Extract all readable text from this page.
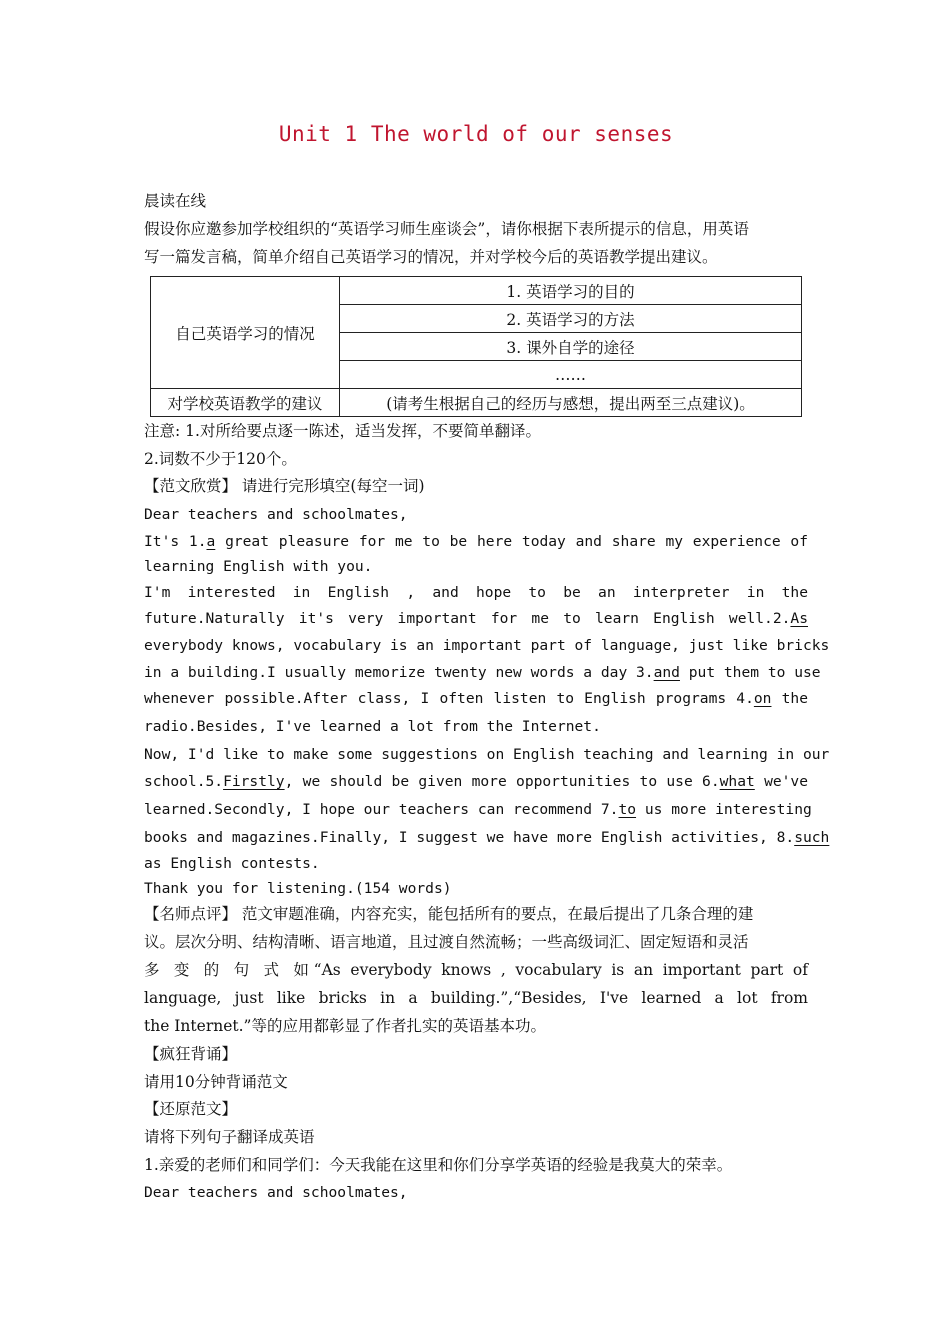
Unit 1 The world of our senses
晨读在线
假设你应邀参加学校组织的“英语学习师生座谈会”，请你根据下表所提示的信息，用英语
写一篇发言稿，简单介绍自己英语学习的情况，并对学校今后的英语教学提出建议。
自己英语学习的情况	1. 英语学习的目的
	2. 英语学习的方法
	3. 课外自学的途径
	……
对学校英语教学的建议	(请考生根据自己的经历与感想，提出两至三点建议)。
注意: 1.对所给要点逐一陈述，适当发挥，不要简单翻译。
2.词数不少于120个。
【范文欣赏】 请进行完形填空(每空一词)
Dear teachers and schoolmates,
It's 1.a great pleasure for me to be here today and share my experience of
learning English with you.
I'm interested in English , and hope to be an interpreter in the
future.Naturally it's very important for me to learn English well.2.As
everybody knows, vocabulary is an important part of language, just like bricks
in a building.I usually memorize twenty new words a day 3.and put them to use
whenever possible.After class, I often listen to English programs 4.on the
radio.Besides, I've learned a lot from the Internet.
Now, I'd like to make some suggestions on English teaching and learning in our
school.5.Firstly, we should be given more opportunities to use 6.what we've
learned.Secondly, I hope our teachers can recommend 7.to us more interesting
books and magazines.Finally, I suggest we have more English activities, 8.such
as English contests.
Thank you for listening.(154 words)
【名师点评】 范文审题准确，内容充实，能包括所有的要点，在最后提出了几条合理的建
议。层次分明、结构清晰、语言地道，且过渡自然流畅；一些高级词汇、固定短语和灵活
多 变 的 句 式 如“As everybody knows , vocabulary is an important part of
language, just like bricks in a building.”,“Besides, I've learned a lot from
the Internet.”等的应用都彰显了作者扎实的英语基本功。
【疯狂背诵】
请用10分钟背诵范文
【还原范文】
请将下列句子翻译成英语
1.亲爱的老师们和同学们：今天我能在这里和你们分享学英语的经验是我莫大的荣幸。
Dear teachers and schoolmates,
